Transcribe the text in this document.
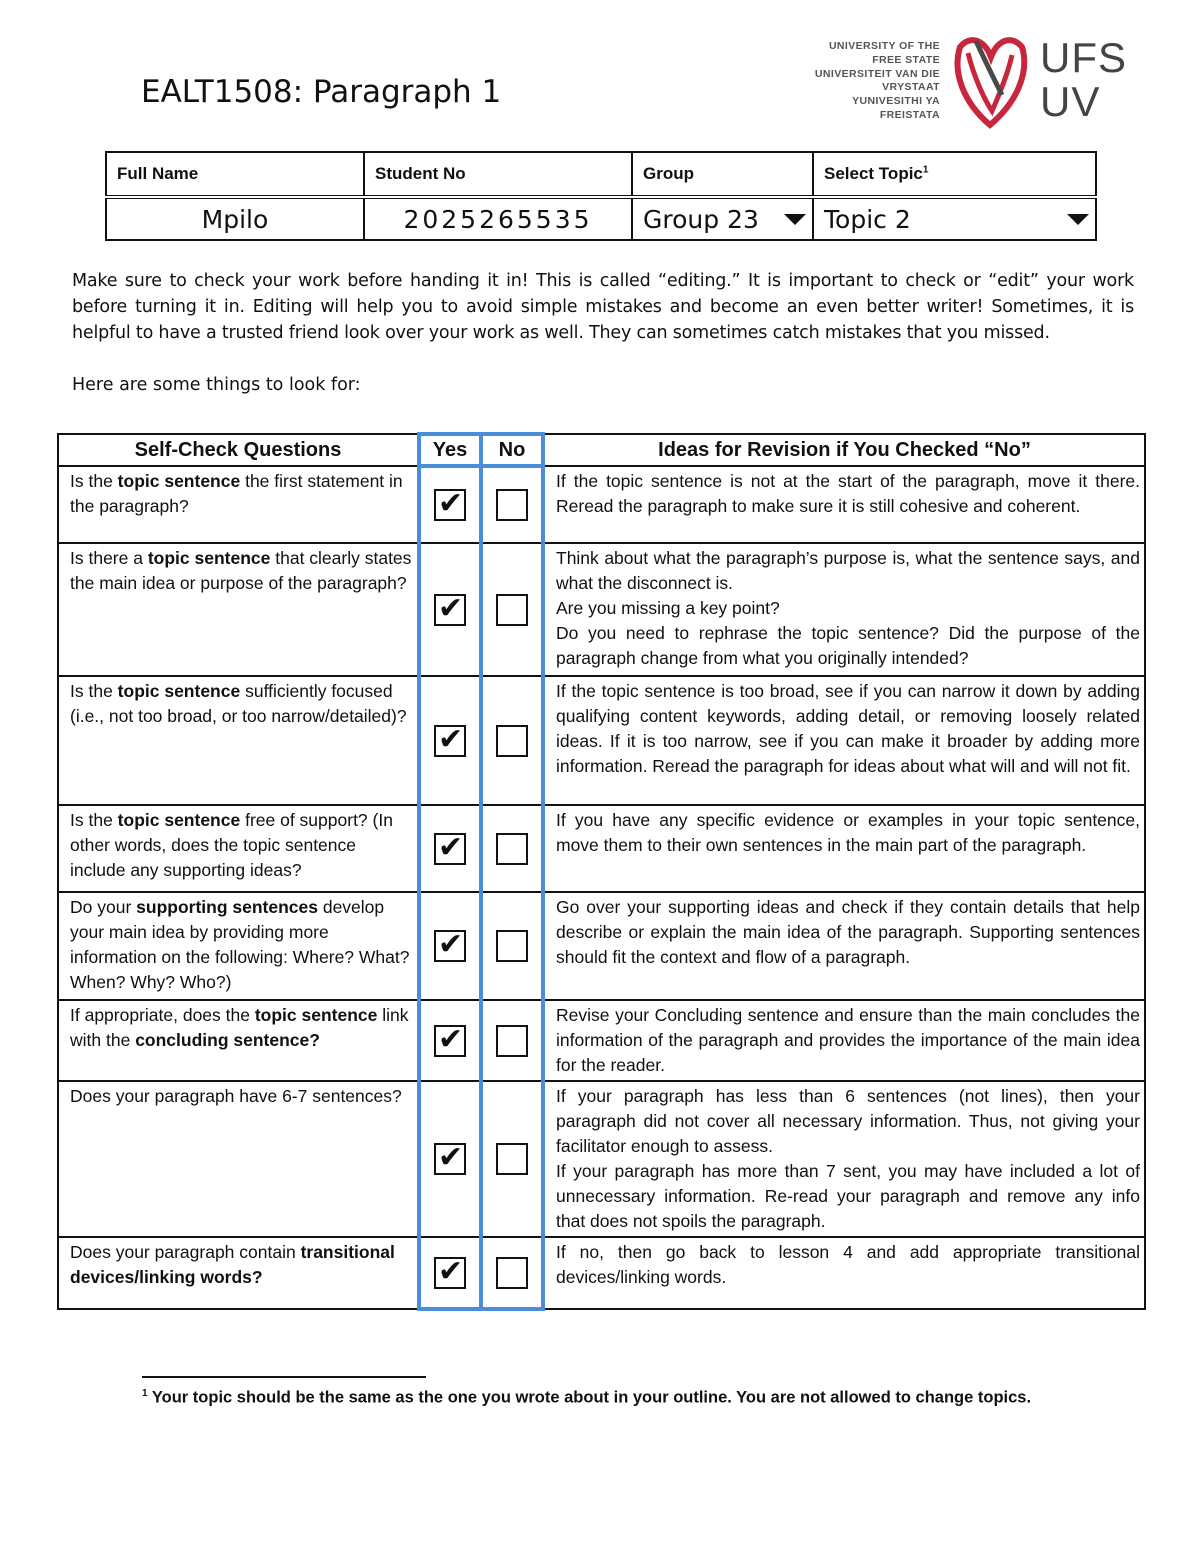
EALT1508: Paragraph 1
UNIVERSITY OF THE
FREE STATE
UNIVERSITEIT VAN DIE
VRYSTAAT
YUNIVESITHI YA
FREISTATA
UFS
UV
Full Name	Student No	Group	Select Topic$^1$
Mpilo	2025265535	Group 23	Topic 2
Make sure to check your work before handing it in! This is called “editing.” It is important to check or “edit” your work before turning it in. Editing will help you to avoid simple mistakes and become an even better writer! Sometimes, it is helpful to have a trusted friend look over your work as well. They can sometimes catch mistakes that you missed.
Here are some things to look for:
Self-Check Questions	Yes	No	Ideas for Revision if You Checked “No”
Is the topic sentence the first statement in the paragraph?	✔		If the topic sentence is not at the start of the paragraph, move it there. Reread the paragraph to make sure it is still cohesive and coherent.

Is there a topic sentence that clearly states the main idea or purpose of the paragraph?	✔		Think about what the paragraph’s purpose is, what the sentence says, and what the disconnect is.
Are you missing a key point?
Do you need to rephrase the topic sentence? Did the purpose of the paragraph change from what you originally intended?

Is the topic sentence sufficiently focused (i.e., not too broad, or too narrow/detailed)?	✔		If the topic sentence is too broad, see if you can narrow it down by adding qualifying content keywords, adding detail, or removing loosely related ideas. If it is too narrow, see if you can make it broader by adding more information. Reread the paragraph for ideas about what will and will not fit.

Is the topic sentence free of support? (In other words, does the topic sentence include any supporting ideas?	✔		If you have any specific evidence or examples in your topic sentence, move them to their own sentences in the main part of the paragraph.

Do your supporting sentences develop your main idea by providing more information on the following: Where? What? When? Why? Who?)	✔		Go over your supporting ideas and check if they contain details that help describe or explain the main idea of the paragraph. Supporting sentences should fit the context and flow of a paragraph.

If appropriate, does the topic sentence link with the concluding sentence?	✔		Revise your Concluding sentence and ensure than the main concludes the information of the paragraph and provides the importance of the main idea for the reader.

Does your paragraph have 6-7 sentences?	✔		If your paragraph has less than 6 sentences (not lines), then your paragraph did not cover all necessary information. Thus, not giving your facilitator enough to assess.
If your paragraph has more than 7 sent, you may have included a lot of unnecessary information. Re-read your paragraph and remove any info that does not spoils the paragraph.

Does your paragraph contain transitional devices/linking words?	✔		If no, then go back to lesson 4 and add appropriate transitional devices/linking words.
$^1$ Your topic should be the same as the one you wrote about in your outline. You are not allowed to change topics.
